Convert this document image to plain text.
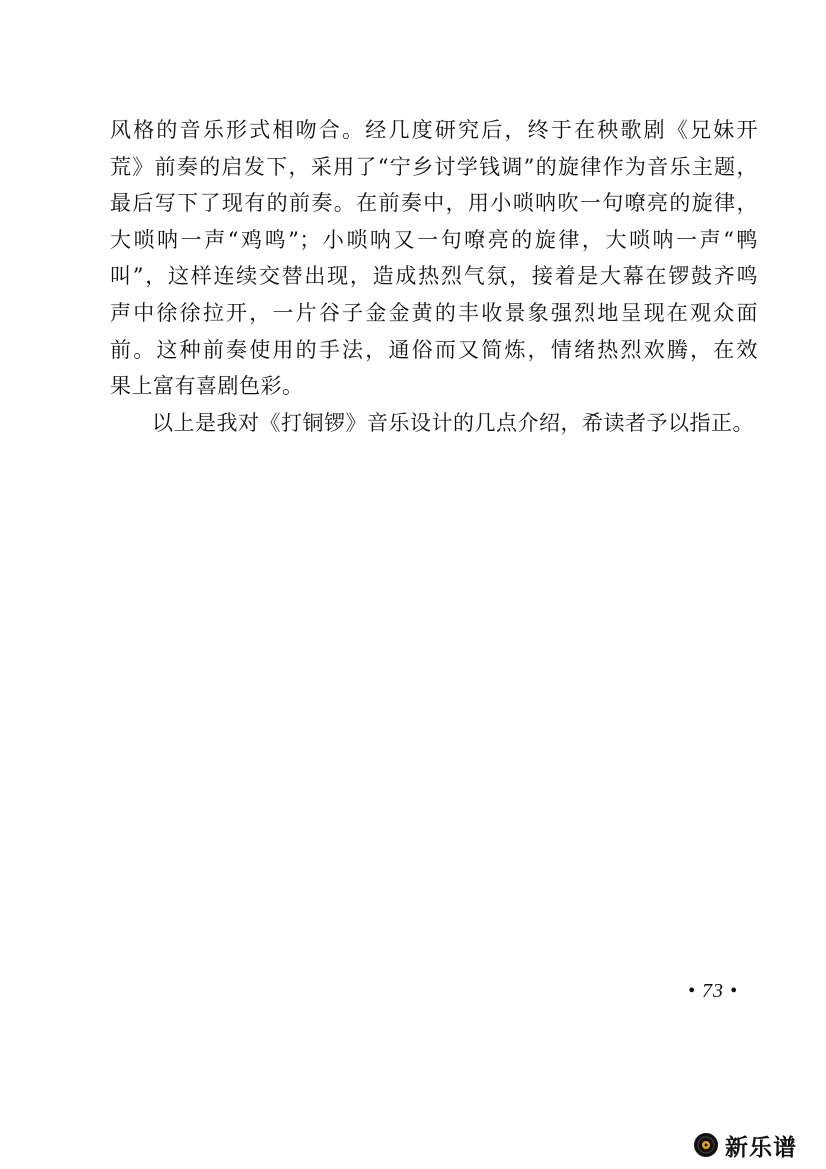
风格的音乐形式相吻合。经几度研究后，终于在秧歌剧《兄妹开
荒》前奏的启发下，采用了“宁乡讨学钱调”的旋律作为音乐主题，
最后写下了现有的前奏。在前奏中，用小唢呐吹一句嘹亮的旋律，
大唢呐一声“鸡鸣”；小唢呐又一句嘹亮的旋律，大唢呐一声“鸭
叫”，这样连续交替出现，造成热烈气氛，接着是大幕在锣鼓齐鸣
声中徐徐拉开，一片谷子金金黄的丰收景象强烈地呈现在观众面
前。这种前奏使用的手法，通俗而又简炼，情绪热烈欢腾，在效
果上富有喜剧色彩。
以上是我对《打铜锣》音乐设计的几点介绍，希读者予以指正。
• 73 •
新乐谱
